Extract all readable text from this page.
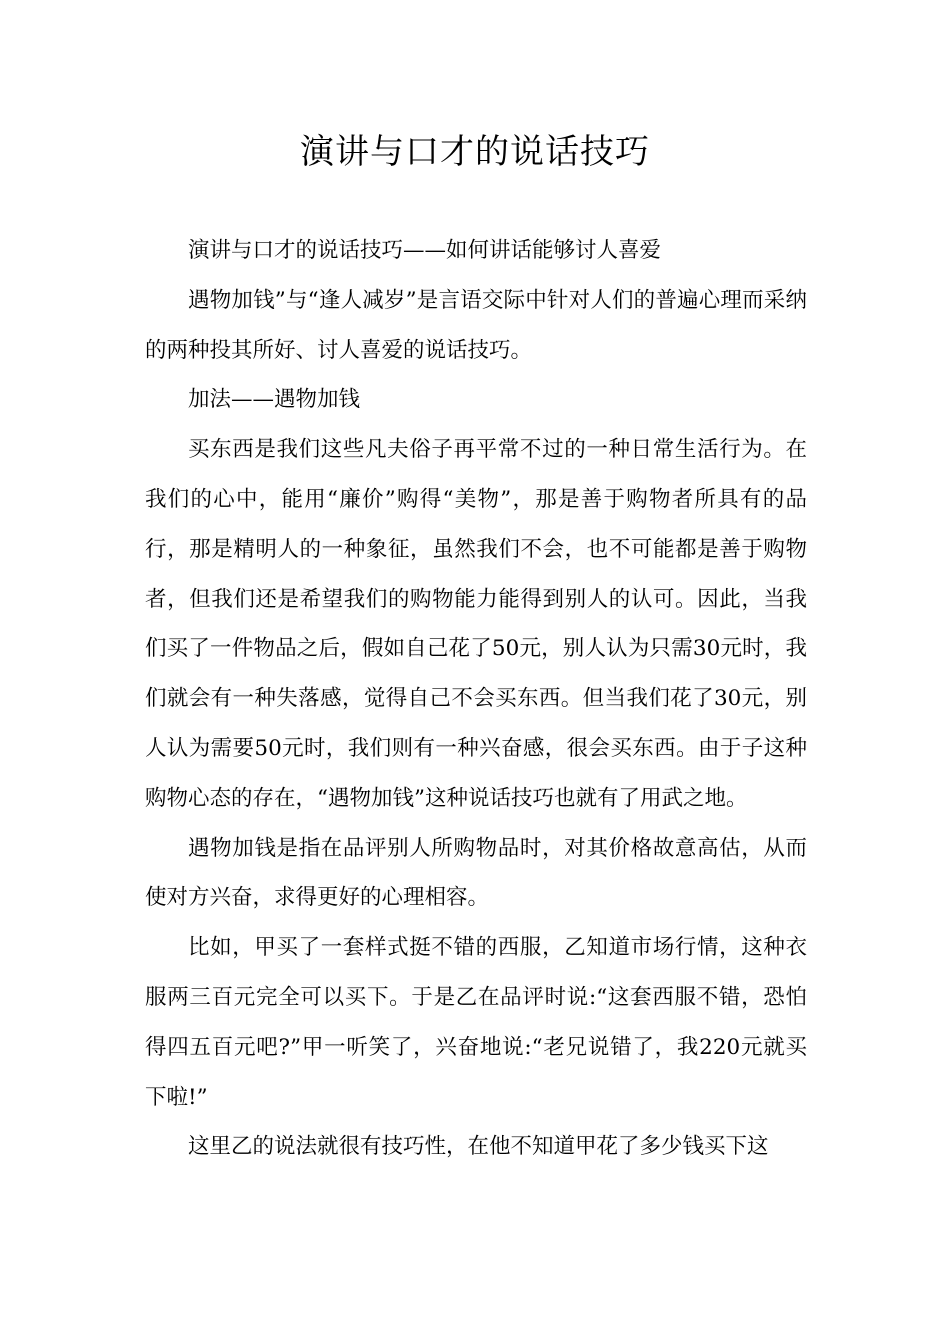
演讲与口才的说话技巧

演讲与口才的说话技巧——如何讲话能够讨人喜爱

遇物加钱”与“逢人减岁”是言语交际中针对人们的普遍心理而采纳的两种投其所好、讨人喜爱的说话技巧。

加法——遇物加钱

买东西是我们这些凡夫俗子再平常不过的一种日常生活行为。在我们的心中，能用“廉价”购得“美物”，那是善于购物者所具有的品行，那是精明人的一种象征，虽然我们不会，也不可能都是善于购物者，但我们还是希望我们的购物能力能得到别人的认可。因此，当我们买了一件物品之后，假如自己花了50元，别人认为只需30元时，我们就会有一种失落感，觉得自己不会买东西。但当我们花了30元，别人认为需要50元时，我们则有一种兴奋感，很会买东西。由于子这种购物心态的存在，“遇物加钱”这种说话技巧也就有了用武之地。

遇物加钱是指在品评别人所购物品时，对其价格故意高估，从而使对方兴奋，求得更好的心理相容。

比如，甲买了一套样式挺不错的西服，乙知道市场行情，这种衣服两三百元完全可以买下。于是乙在品评时说:“这套西服不错，恐怕得四五百元吧?”甲一听笑了，兴奋地说:“老兄说错了，我220元就买下啦!”

这里乙的说法就很有技巧性，在他不知道甲花了多少钱买下这
